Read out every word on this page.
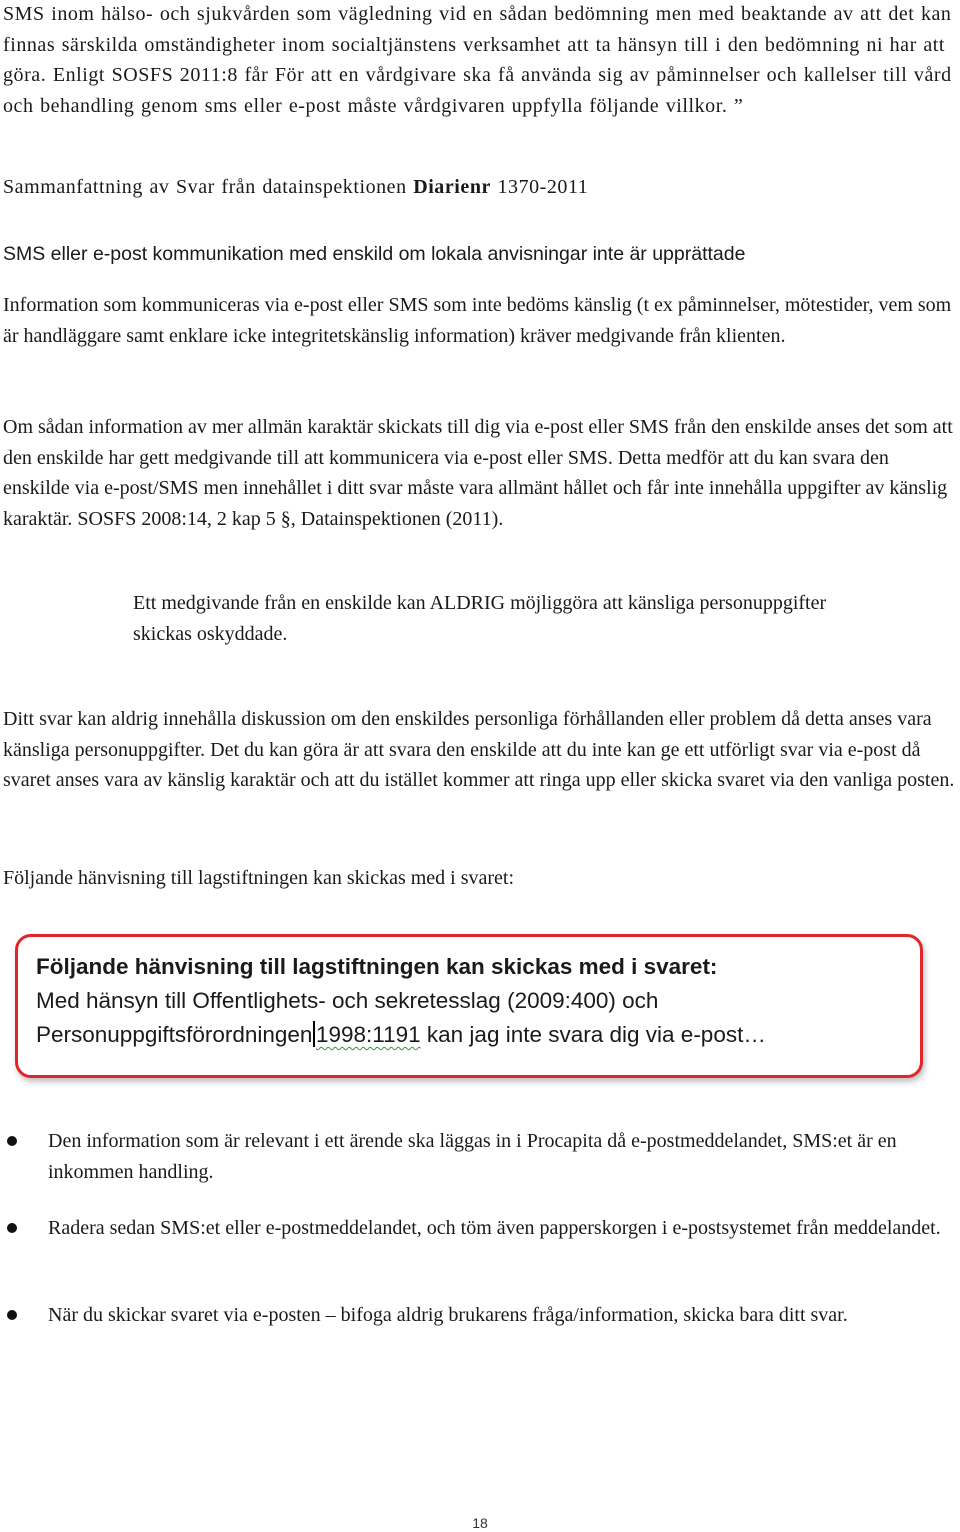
SMS inom hälso- och sjukvården som vägledning vid en sådan bedömning men med beaktande av att det kan finnas särskilda omständigheter inom socialtjänstens verksamhet att ta hänsyn till i den bedömning ni har att göra. Enligt SOSFS 2011:8 får För att en vårdgivare ska få använda sig av påminnelser och kallelser till vård och behandling genom sms eller e-post måste vårdgivaren uppfylla följande villkor. ”

Sammanfattning av Svar från datainspektionen Diarienr 1370-2011

SMS eller e-post kommunikation med enskild om lokala anvisningar inte är upprättade

Information som kommuniceras via e-post eller SMS som inte bedöms känslig (t ex påminnelser, mötestider, vem som är handläggare samt enklare icke integritetskänslig information) kräver medgivande från klienten.

Om sådan information av mer allmän karaktär skickats till dig via e-post eller SMS från den enskilde anses det som att den enskilde har gett medgivande till att kommunicera via e-post eller SMS. Detta medför att du kan svara den enskilde via e-post/SMS men innehållet i ditt svar måste vara allmänt hållet och får inte innehålla uppgifter av känslig karaktär. SOSFS 2008:14, 2 kap 5 §, Datainspektionen (2011).

Ett medgivande från en enskilde kan ALDRIG möjliggöra att känsliga personuppgifter skickas oskyddade.

Ditt svar kan aldrig innehålla diskussion om den enskildes personliga förhållanden eller problem då detta anses vara känsliga personuppgifter. Det du kan göra är att svara den enskilde att du inte kan ge ett utförligt svar via e-post då svaret anses vara av känslig karaktär och att du istället kommer att ringa upp eller skicka svaret via den vanliga posten.

Följande hänvisning till lagstiftningen kan skickas med i svaret:

Följande hänvisning till lagstiftningen kan skickas med i svaret:
Med hänsyn till Offentlighets- och sekretesslag (2009:400) och
Personuppgiftsförordningen 1998:1191 kan jag inte svara dig via e-post…
Den information som är relevant i ett ärende ska läggas in i Procapita då e-postmeddelandet, SMS:et är en inkommen handling.
Radera sedan SMS:et eller e-postmeddelandet, och töm även papperskorgen i e-postsystemet från meddelandet.
När du skickar svaret via e-posten – bifoga aldrig brukarens fråga/information, skicka bara ditt svar.
18
